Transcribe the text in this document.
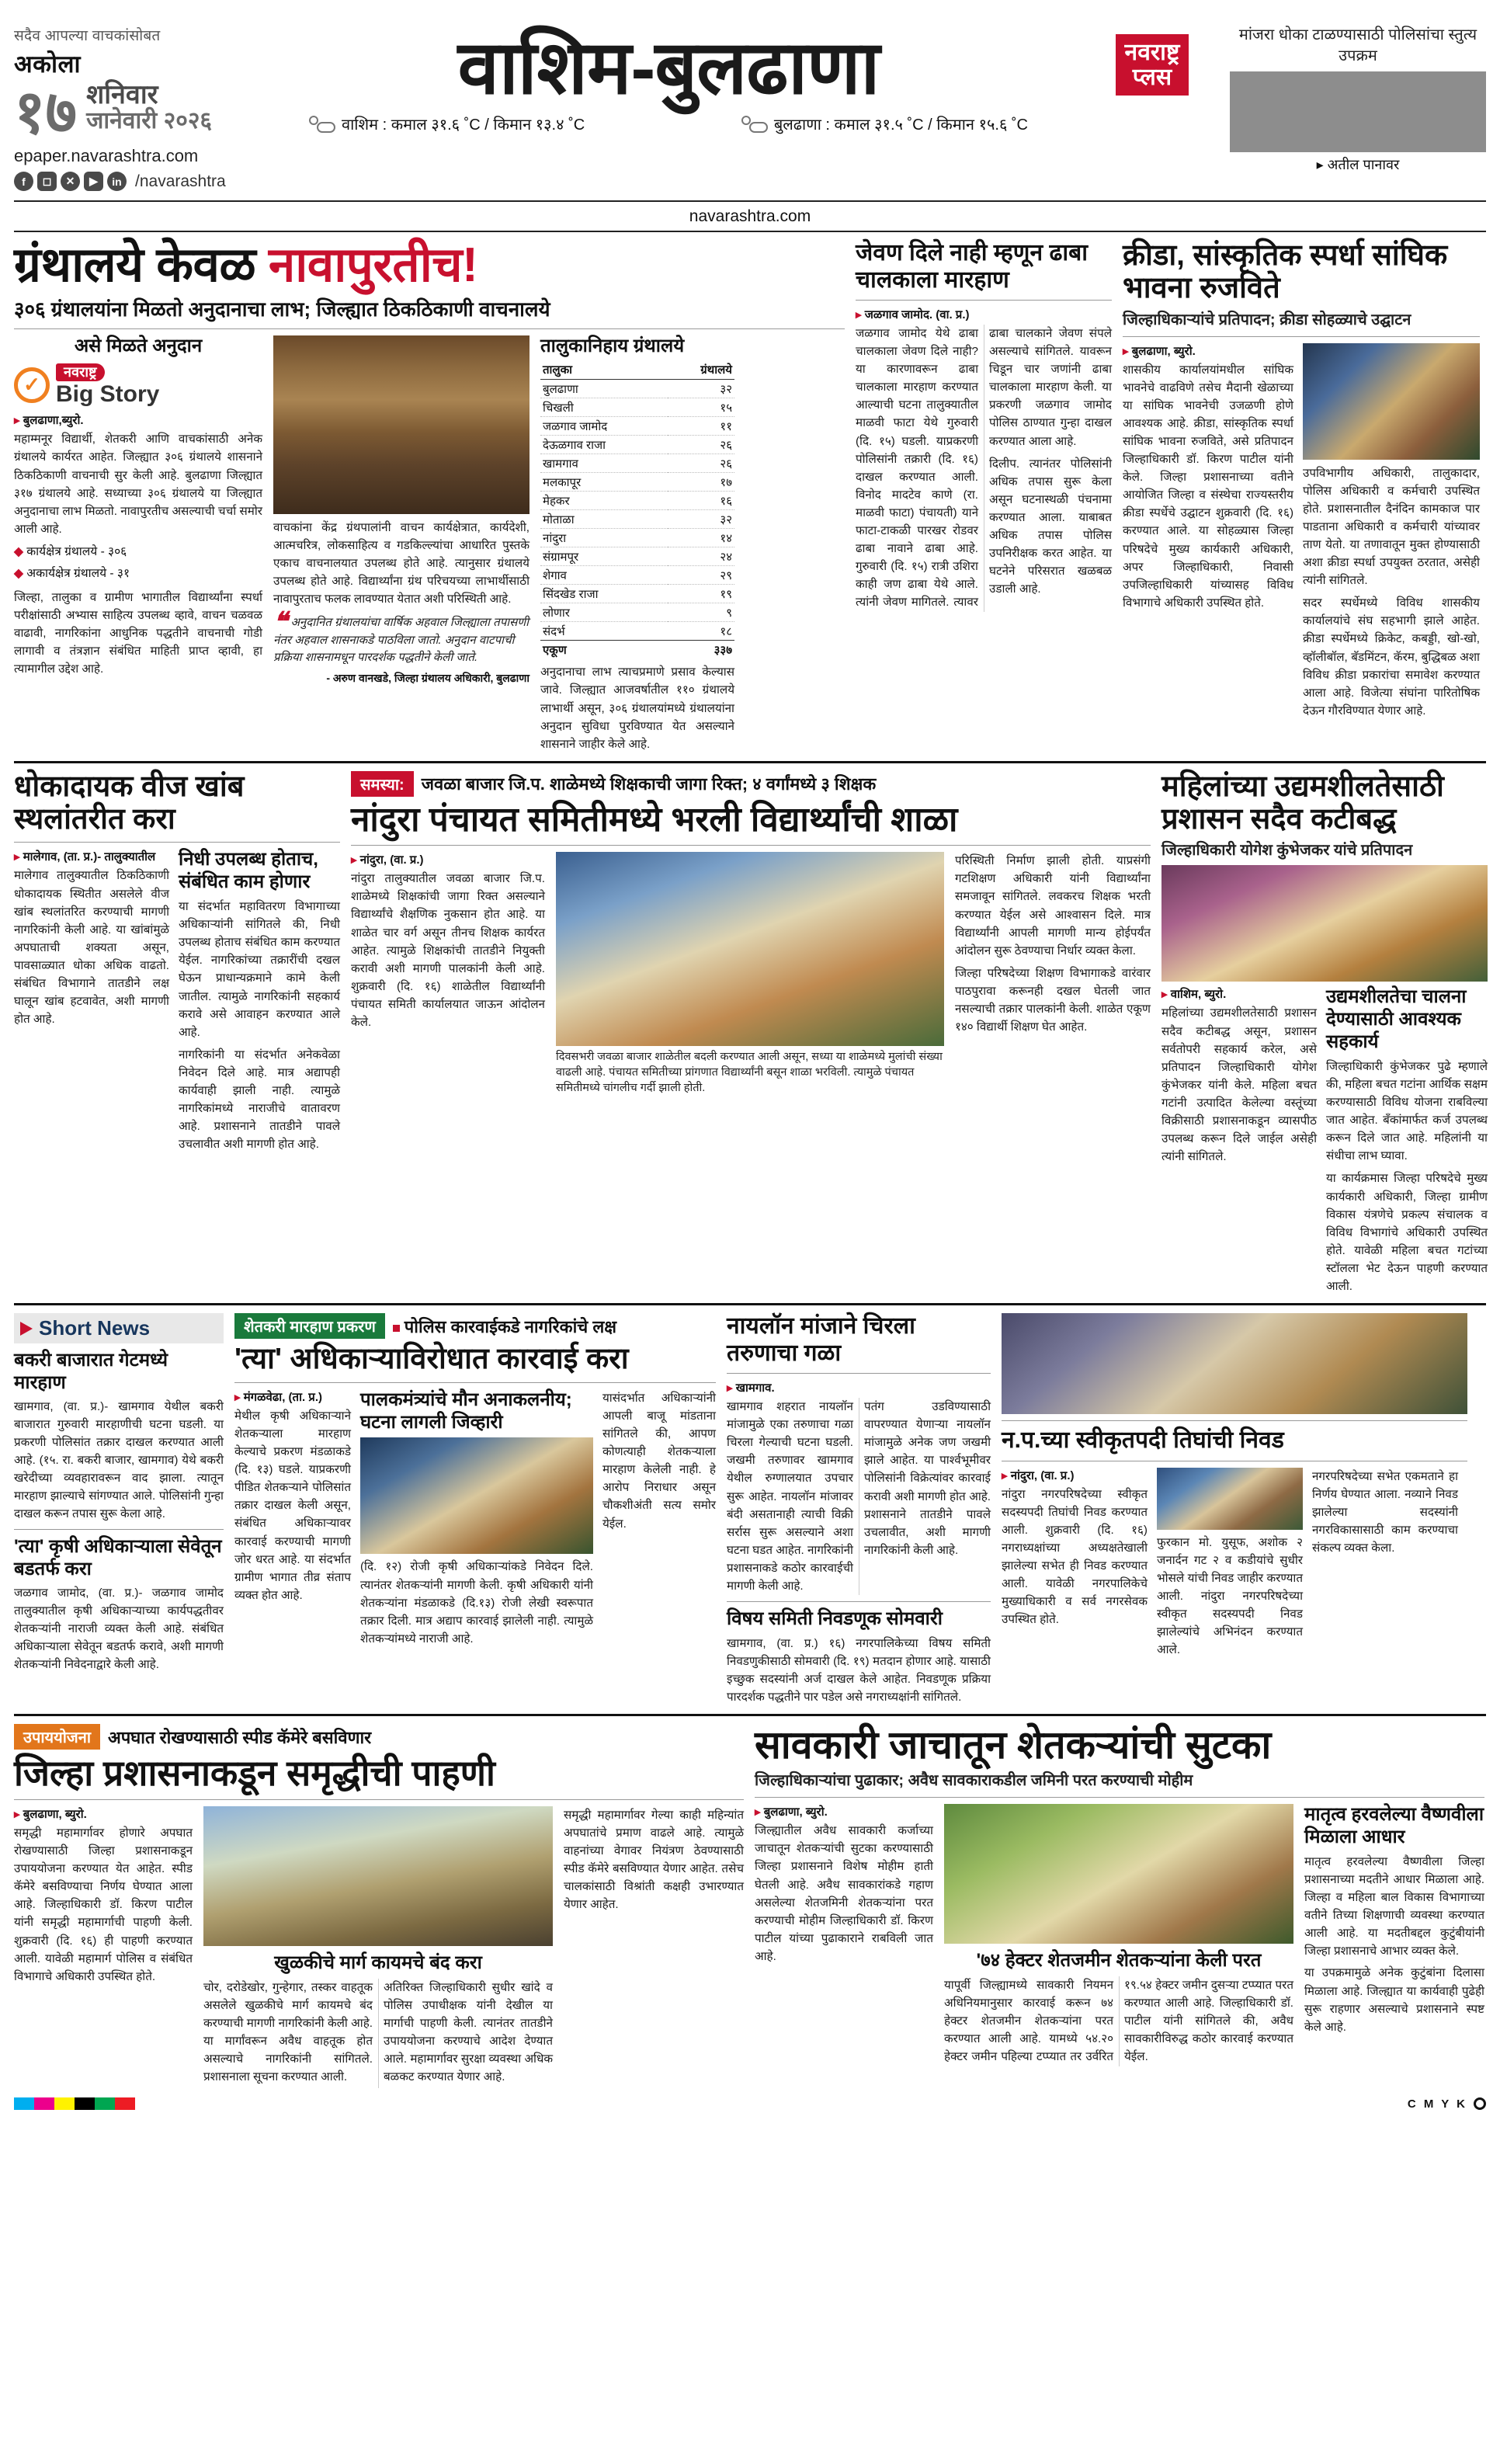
सदैव आपल्या वाचकांसोबत
अकोला
१७ शनिवार
जानेवारी २०२६
epaper.navarashtra.com
f	◻	✕	▶	in /navarashtra
वाशिम-बुलढाणा
वाशिम : कमाल ३१.६ ˚C / किमान १३.४ ˚C	बुलढाणा : कमाल ३१.५ ˚C / किमान १५.६ ˚C
नवराष्ट्र
प्लस
मांजरा धोका टाळण्यासाठी पोलिसांचा स्तुत्य उपक्रम
▸ अतील पानावर
navarashtra.com
ग्रंथालये केवळ नावापुरतीच!
३०६ ग्रंथालयांना मिळतो अनुदानाचा लाभ; जिल्ह्यात ठिकठिकाणी वाचनालये
असे मिळते अनुदान
✓
नवराष्ट्र
Big Story
▸ बुलढाणा,ब्युरो.

महाम्मनूर विद्यार्थी, शेतकरी आणि वाचकांसाठी अनेक ग्रंथालये कार्यरत आहेत. जिल्ह्यात ३०६ ग्रंथालये शासनाने ठिकठिकाणी वाचनाची सुर केली आहे. बुलढाणा जिल्ह्यात ३१७ ग्रंथालये आहे. सध्याच्या ३०६ ग्रंथालये या जिल्ह्यात अनुदानाचा लाभ मिळतो. नावापुरतीच असल्याची चर्चा समोर आली आहे.

◆ कार्यक्षेत्र ग्रंथालये - ३०६
◆ अकार्यक्षेत्र ग्रंथालये - ३१

जिल्हा, तालुका व ग्रामीण भागातील विद्यार्थ्यांना स्पर्धा परीक्षांसाठी अभ्यास साहित्य उपलब्ध व्हावे, वाचन चळवळ वाढावी, नागरिकांना आधुनिक पद्धतीने वाचनाची गोडी लागावी व तंत्रज्ञान संबंधित माहिती प्राप्त व्हावी, हा त्यामागील उद्देश आहे.

वाचकांना केंद्र ग्रंथपालांनी वाचन कार्यक्षेत्रात, कार्यदेशी, आत्मचरित्र, लोकसाहित्य व गडकिल्ल्यांचा आधारित पुस्तके एकाच वाचनालयात उपलब्ध होते आहे. त्यानुसार ग्रंथालये उपलब्ध होते आहे. विद्यार्थ्यांना ग्रंथ परिचयच्या लाभार्थीसाठी नावापुरताच फलक लावण्यात येतात अशी परिस्थिती आहे.

❝ अनुदानित ग्रंथालयांचा वार्षिक अहवाल जिल्ह्याला तपासणी नंतर अहवाल शासनाकडे पाठविला जातो. अनुदान वाटपाची प्रक्रिया शासनामधून पारदर्शक पद्धतीने केली जाते.
- अरुण वानखडे, जिल्हा ग्रंथालय अधिकारी, बुलढाणा
तालुकानिहाय ग्रंथालये
तालुका	ग्रंथालये
बुलढाणा	३२
चिखली	१५
जळगाव जामोद	११
देऊळगाव राजा	२६
खामगाव	२६
मलकापूर	१७
मेहकर	१६
मोताळा	३२
नांदुरा	१४
संग्रामपूर	२४
शेगाव	२९
सिंदखेड राजा	१९
लोणार	९
संदर्भ	१८
एकूण	३३७

अनुदानाचा लाभ त्याचप्रमाणे प्रसाव केल्यास जावे. जिल्ह्यात आजवर्षातील ११० ग्रंथालये लाभार्थी असून, ३०६ ग्रंथालयांमध्ये ग्रंथालयांना अनुदान सुविधा पुरविण्यात येत असल्याने शासनाने जाहीर केले आहे.

जेवण दिले नाही म्हणून ढाबा चालकाला मारहाण
▸ जळगाव जामोद. (वा. प्र.)

जळगाव जामोद येथे ढाबा चालकाला जेवण दिले नाही? या कारणावरून ढाबा चालकाला मारहाण करण्यात आल्याची घटना तालुक्यातील माळवी फाटा येथे गुरुवारी (दि. १५) घडली. याप्रकरणी पोलिसांनी तक्रारी (दि. १६) दाखल करण्यात आली. विनोद मादटेव काणे (रा. माळवी फाटा) पंचायती) याने फाटा-टाकळी पारखर रोडवर ढाबा नावाने ढाबा आहे. गुरुवारी (दि. १५) रात्री उशिरा काही जण ढाबा येथे आले. त्यांनी जेवण मागितले. त्यावर ढाबा चालकाने जेवण संपले असल्याचे सांगितले. यावरून चिडून चार जणांनी ढाबा चालकाला मारहाण केली. या प्रकरणी जळगाव जामोद पोलिस ठाण्यात गुन्हा दाखल करण्यात आला आहे.

दिलीप. त्यानंतर पोलिसांनी अधिक तपास सुरू केला असून घटनास्थळी पंचनामा करण्यात आला. याबाबत अधिक तपास पोलिस उपनिरीक्षक करत आहेत. या घटनेने परिसरात खळबळ उडाली आहे.

क्रीडा, सांस्कृतिक स्पर्धा सांघिक भावना रुजविते
जिल्हाधिकाऱ्यांचे प्रतिपादन; क्रीडा सोहळ्याचे उद्घाटन
▸ बुलढाणा, ब्युरो.

शासकीय कार्यालयांमधील सांघिक भावनेचे वाढविणे तसेच मैदानी खेळाच्या या सांघिक भावनेची उजळणी होणे आवश्यक आहे. क्रीडा, सांस्कृतिक स्पर्धा सांघिक भावना रुजविते, असे प्रतिपादन जिल्हाधिकारी डॉ. किरण पाटील यांनी केले. जिल्हा प्रशासनाच्या वतीने आयोजित जिल्हा व संस्थेचा राज्यस्तरीय क्रीडा स्पर्धेचे उद्घाटन शुक्रवारी (दि. १६) करण्यात आले. या सोहळ्यास जिल्हा परिषदेचे मुख्य कार्यकारी अधिकारी, अपर जिल्हाधिकारी, निवासी उपजिल्हाधिकारी यांच्यासह विविध विभागाचे अधिकारी उपस्थित होते.

उपविभागीय अधिकारी, तालुकादार, पोलिस अधिकारी व कर्मचारी उपस्थित होते. प्रशासनातील दैनंदिन कामकाज पार पाडताना अधिकारी व कर्मचारी यांच्यावर ताण येतो. या तणावातून मुक्त होण्यासाठी अशा क्रीडा स्पर्धा उपयुक्त ठरतात, असेही त्यांनी सांगितले.

सदर स्पर्धेमध्ये विविध शासकीय कार्यालयांचे संघ सहभागी झाले आहेत. क्रीडा स्पर्धेमध्ये क्रिकेट, कबड्डी, खो-खो, व्हॉलीबॉल, बॅडमिंटन, कॅरम, बुद्धिबळ अशा विविध क्रीडा प्रकारांचा समावेश करण्यात आला आहे. विजेत्या संघांना पारितोषिक देऊन गौरविण्यात येणार आहे.

धोकादायक वीज खांब स्थलांतरीत करा
▸ मालेगाव, (ता. प्र.)- तालुक्यातील

मालेगाव तालुक्यातील ठिकठिकाणी धोकादायक स्थितीत असलेले वीज खांब स्थलांतरित करण्याची मागणी नागरिकांनी केली आहे. या खांबांमुळे अपघाताची शक्यता असून, पावसाळ्यात धोका अधिक वाढतो. संबंधित विभागाने तातडीने लक्ष घालून खांब हटवावेत, अशी मागणी होत आहे.

निधी उपलब्ध होताच, संबंधित काम होणार

या संदर्भात महावितरण विभागाच्या अधिकाऱ्यांनी सांगितले की, निधी उपलब्ध होताच संबंधित काम करण्यात येईल. नागरिकांच्या तक्रारींची दखल घेऊन प्राधान्यक्रमाने कामे केली जातील. त्यामुळे नागरिकांनी सहकार्य करावे असे आवाहन करण्यात आले आहे.

नागरिकांनी या संदर्भात अनेकवेळा निवेदन दिले आहे. मात्र अद्यापही कार्यवाही झाली नाही. त्यामुळे नागरिकांमध्ये नाराजीचे वातावरण आहे. प्रशासनाने तातडीने पावले उचलावीत अशी मागणी होत आहे.

समस्या:	जवळा बाजार जि.प. शाळेमध्ये शिक्षकाची जागा रिक्त; ४ वर्गांमध्ये ३ शिक्षक
नांदुरा पंचायत समितीमध्ये भरली विद्यार्थ्यांची शाळा
▸ नांदुरा, (वा. प्र.)

नांदुरा तालुक्यातील जवळा बाजार जि.प. शाळेमध्ये शिक्षकांची जागा रिक्त असल्याने विद्यार्थ्यांचे शैक्षणिक नुकसान होत आहे. या शाळेत चार वर्ग असून तीनच शिक्षक कार्यरत आहेत. त्यामुळे शिक्षकांची तातडीने नियुक्ती करावी अशी मागणी पालकांनी केली आहे. शुक्रवारी (दि. १६) शाळेतील विद्यार्थ्यांनी पंचायत समिती कार्यालयात जाऊन आंदोलन केले.

दिवसभरी जवळा बाजार शाळेतील बदली करण्यात आली असून, सध्या या शाळेमध्ये मुलांची संख्या वाढली आहे. पंचायत समितीच्या प्रांगणात विद्यार्थ्यांनी बसून शाळा भरविली. त्यामुळे पंचायत समितीमध्ये चांगलीच गर्दी झाली होती.

परिस्थिती निर्माण झाली होती. याप्रसंगी गटशिक्षण अधिकारी यांनी विद्यार्थ्यांना समजावून सांगितले. लवकरच शिक्षक भरती करण्यात येईल असे आश्वासन दिले. मात्र विद्यार्थ्यांनी आपली मागणी मान्य होईपर्यंत आंदोलन सुरू ठेवण्याचा निर्धार व्यक्त केला.

जिल्हा परिषदेच्या शिक्षण विभागाकडे वारंवार पाठपुरावा करूनही दखल घेतली जात नसल्याची तक्रार पालकांनी केली. शाळेत एकूण १४० विद्यार्थी शिक्षण घेत आहेत.

महिलांच्या उद्यमशीलतेसाठी प्रशासन सदैव कटीबद्ध
जिल्हाधिकारी योगेश कुंभेजकर यांचे प्रतिपादन
▸ वाशिम, ब्युरो.

महिलांच्या उद्यमशीलतेसाठी प्रशासन सदैव कटीबद्ध असून, प्रशासन सर्वतोपरी सहकार्य करेल, असे प्रतिपादन जिल्हाधिकारी योगेश कुंभेजकर यांनी केले. महिला बचत गटांनी उत्पादित केलेल्या वस्तूंच्या विक्रीसाठी प्रशासनाकडून व्यासपीठ उपलब्ध करून दिले जाईल असेही त्यांनी सांगितले.

उद्यमशीलतेचा चालना देण्यासाठी आवश्यक सहकार्य

जिल्हाधिकारी कुंभेजकर पुढे म्हणाले की, महिला बचत गटांना आर्थिक सक्षम करण्यासाठी विविध योजना राबविल्या जात आहेत. बँकांमार्फत कर्ज उपलब्ध करून दिले जात आहे. महिलांनी या संधीचा लाभ घ्यावा.

या कार्यक्रमास जिल्हा परिषदेचे मुख्य कार्यकारी अधिकारी, जिल्हा ग्रामीण विकास यंत्रणेचे प्रकल्प संचालक व विविध विभागांचे अधिकारी उपस्थित होते. यावेळी महिला बचत गटांच्या स्टॉलला भेट देऊन पाहणी करण्यात आली.

Short News
बकरी बाजारात गेटमध्ये मारहाण

खामगाव, (वा. प्र.)- खामगाव येथील बकरी बाजारात गुरुवारी मारहाणीची घटना घडली. या प्रकरणी पोलिसांत तक्रार दाखल करण्यात आली आहे. (१५. रा. बकरी बाजार, खामगाव) येथे बकरी खरेदीच्या व्यवहारावरून वाद झाला. त्यातून मारहाण झाल्याचे सांगण्यात आले. पोलिसांनी गुन्हा दाखल करून तपास सुरू केला आहे.

'त्या' कृषी अधिकाऱ्याला सेवेतून बडतर्फ करा

जळगाव जामोद, (वा. प्र.)- जळगाव जामोद तालुक्यातील कृषी अधिकाऱ्याच्या कार्यपद्धतीवर शेतकऱ्यांनी नाराजी व्यक्त केली आहे. संबंधित अधिकाऱ्याला सेवेतून बडतर्फ करावे, अशी मागणी शेतकऱ्यांनी निवेदनाद्वारे केली आहे.

शेतकरी मारहाण प्रकरण	पोलिस कारवाईकडे नागरिकांचे लक्ष
'त्या' अधिकाऱ्याविरोधात कारवाई करा
▸ मंगळवेढा, (ता. प्र.)

मेथील कृषी अधिकाऱ्याने शेतकऱ्याला मारहाण केल्याचे प्रकरण मंडळाकडे (दि. १३) घडले. याप्रकरणी पीडित शेतकऱ्याने पोलिसांत तक्रार दाखल केली असून, संबंधित अधिकाऱ्यावर कारवाई करण्याची मागणी जोर धरत आहे. या संदर्भात ग्रामीण भागात तीव्र संताप व्यक्त होत आहे.

पालकमंत्र्यांचे मौन अनाकलनीय; घटना लागली जिव्हारी

(दि. १२) रोजी कृषी अधिकाऱ्यांकडे निवेदन दिले. त्यानंतर शेतकऱ्यांनी मागणी केली. कृषी अधिकारी यांनी शेतकऱ्यांना मंडळाकडे (दि.१३) रोजी लेखी स्वरूपात तक्रार दिली. मात्र अद्याप कारवाई झालेली नाही. त्यामुळे शेतकऱ्यांमध्ये नाराजी आहे.

यासंदर्भात अधिकाऱ्यांनी आपली बाजू मांडताना सांगितले की, आपण कोणत्याही शेतकऱ्याला मारहाण केलेली नाही. हे आरोप निराधार असून चौकशीअंती सत्य समोर येईल.

नायलॉन मांजाने चिरला तरुणाचा गळा
▸ खामगाव.

खामगाव शहरात नायलॉन मांजामुळे एका तरुणाचा गळा चिरला गेल्याची घटना घडली. जखमी तरुणावर खामगाव येथील रुग्णालयात उपचार सुरू आहेत. नायलॉन मांजावर बंदी असतानाही त्याची विक्री सर्रास सुरू असल्याने अशा घटना घडत आहेत. नागरिकांनी प्रशासनाकडे कठोर कारवाईची मागणी केली आहे.

पतंग उडविण्यासाठी वापरण्यात येणाऱ्या नायलॉन मांजामुळे अनेक जण जखमी झाले आहेत. या पार्श्वभूमीवर पोलिसांनी विक्रेत्यांवर कारवाई करावी अशी मागणी होत आहे. प्रशासनाने तातडीने पावले उचलावीत, अशी मागणी नागरिकांनी केली आहे.

विषय समिती निवडणूक सोमवारी

खामगाव, (वा. प्र.) १६) नगरपालिकेच्या विषय समिती निवडणुकीसाठी सोमवारी (दि. १९) मतदान होणार आहे. यासाठी इच्छुक सदस्यांनी अर्ज दाखल केले आहेत. निवडणूक प्रक्रिया पारदर्शक पद्धतीने पार पडेल असे नगराध्यक्षांनी सांगितले.

न.प.च्या स्वीकृतपदी तिघांची निवड
▸ नांदुरा, (वा. प्र.)

नांदुरा नगरपरिषदेच्या स्वीकृत सदस्यपदी तिघांची निवड करण्यात आली. शुक्रवारी (दि. १६) नगराध्यक्षांच्या अध्यक्षतेखाली झालेल्या सभेत ही निवड करण्यात आली. यावेळी नगरपालिकेचे मुख्याधिकारी व सर्व नगरसेवक उपस्थित होते.

फुरकान मो. युसूफ, अशोक २ जनार्दन गट २ व कडीयांचे सुधीर भोसले यांची निवड जाहीर करण्यात आली. नांदुरा नगरपरिषदेच्या स्वीकृत सदस्यपदी निवड झालेल्यांचे अभिनंदन करण्यात आले.

नगरपरिषदेच्या सभेत एकमताने हा निर्णय घेण्यात आला. नव्याने निवड झालेल्या सदस्यांनी नगरविकासासाठी काम करण्याचा संकल्प व्यक्त केला.

उपाययोजना	अपघात रोखण्यासाठी स्पीड कॅमेरे बसविणार
जिल्हा प्रशासनाकडून समृद्धीची पाहणी
▸ बुलढाणा, ब्युरो.

समृद्धी महामार्गावर होणारे अपघात रोखण्यासाठी जिल्हा प्रशासनाकडून उपाययोजना करण्यात येत आहेत. स्पीड कॅमेरे बसविण्याचा निर्णय घेण्यात आला आहे. जिल्हाधिकारी डॉ. किरण पाटील यांनी समृद्धी महामार्गाची पाहणी केली. शुक्रवारी (दि. १६) ही पाहणी करण्यात आली. यावेळी महामार्ग पोलिस व संबंधित विभागाचे अधिकारी उपस्थित होते.

खुळकीचे मार्ग कायमचे बंद करा

चोर, दरोडेखोर, गुन्हेगार, तस्कर वाहतूक असलेले खुळकीचे मार्ग कायमचे बंद करण्याची मागणी नागरिकांनी केली आहे. या मार्गांवरून अवैध वाहतूक होत असल्याचे नागरिकांनी सांगितले. प्रशासनाला सूचना करण्यात आली.

अतिरिक्त जिल्हाधिकारी सुधीर खांदे व पोलिस उपाधीक्षक यांनी देखील या मार्गाची पाहणी केली. त्यानंतर तातडीने उपाययोजना करण्याचे आदेश देण्यात आले. महामार्गावर सुरक्षा व्यवस्था अधिक बळकट करण्यात येणार आहे.

समृद्धी महामार्गावर गेल्या काही महिन्यांत अपघातांचे प्रमाण वाढले आहे. त्यामुळे वाहनांच्या वेगावर नियंत्रण ठेवण्यासाठी स्पीड कॅमेरे बसविण्यात येणार आहेत. तसेच चालकांसाठी विश्रांती कक्षही उभारण्यात येणार आहेत.

सावकारी जाचातून शेतकऱ्यांची सुटका
जिल्हाधिकाऱ्यांचा पुढाकार; अवैध सावकाराकडील जमिनी परत करण्याची मोहीम
▸ बुलढाणा, ब्युरो.

जिल्ह्यातील अवैध सावकारी कर्जाच्या जाचातून शेतकऱ्यांची सुटका करण्यासाठी जिल्हा प्रशासनाने विशेष मोहीम हाती घेतली आहे. अवैध सावकारांकडे गहाण असलेल्या शेतजमिनी शेतकऱ्यांना परत करण्याची मोहीम जिल्हाधिकारी डॉ. किरण पाटील यांच्या पुढाकाराने राबविली जात आहे.	'७४ हेक्टर शेतजमीन शेतकऱ्यांना केली परत

यापूर्वी जिल्ह्यामध्ये सावकारी नियमन अधिनियमानुसार कारवाई करून ७४ हेक्टर शेतजमीन शेतकऱ्यांना परत करण्यात आली आहे. यामध्ये ५४.२० हेक्टर जमीन पहिल्या टप्प्यात तर उर्वरित १९.५४ हेक्टर जमीन दुसऱ्या टप्प्यात परत करण्यात आली आहे. जिल्हाधिकारी डॉ. पाटील यांनी सांगितले की, अवैध सावकारीविरुद्ध कठोर कारवाई करण्यात येईल.

मातृत्व हरवलेल्या वैष्णवीला मिळाला आधार

मातृत्व हरवलेल्या वैष्णवीला जिल्हा प्रशासनाच्या मदतीने आधार मिळाला आहे. जिल्हा व महिला बाल विकास विभागाच्या वतीने तिच्या शिक्षणाची व्यवस्था करण्यात आली आहे. या मदतीबद्दल कुटुंबीयांनी जिल्हा प्रशासनाचे आभार व्यक्त केले.

या उपक्रमामुळे अनेक कुटुंबांना दिलासा मिळाला आहे. जिल्ह्यात या कार्यवाही पुढेही सुरू राहणार असल्याचे प्रशासनाने स्पष्ट केले आहे.

C M Y K
